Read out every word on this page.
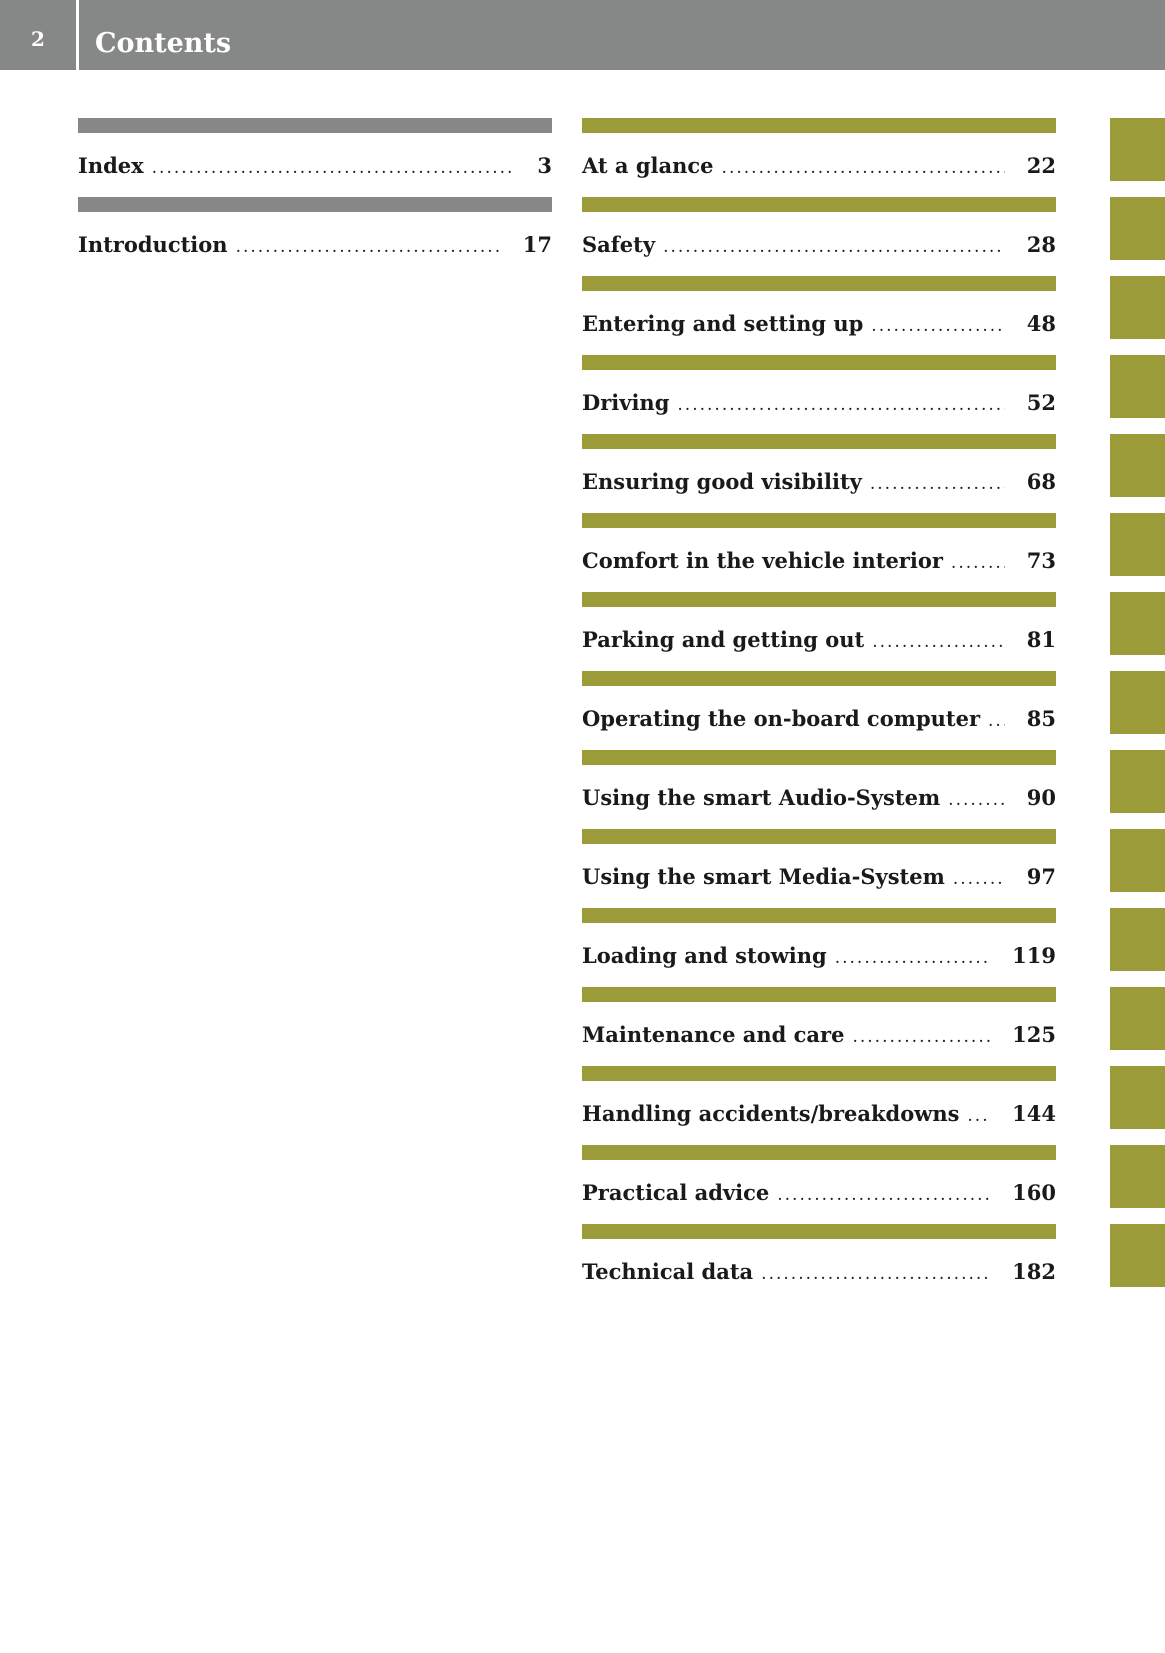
2	Contents
Index .....	3
Introduction .....	17
At a glance .....	22
Safety .....	28
Entering and setting up .....	48
Driving .....	52
Ensuring good visibility .....	68
Comfort in the vehicle interior .....	73
Parking and getting out .....	81
Operating the on-board computer ..... 85
Using the smart Audio-System .....	90
Using the smart Media-System .....	97
Loading and stowing .....	119
Maintenance and care .....	125
Handling accidents/breakdowns .....	144
Practical advice .....	160
Technical data .....	182
